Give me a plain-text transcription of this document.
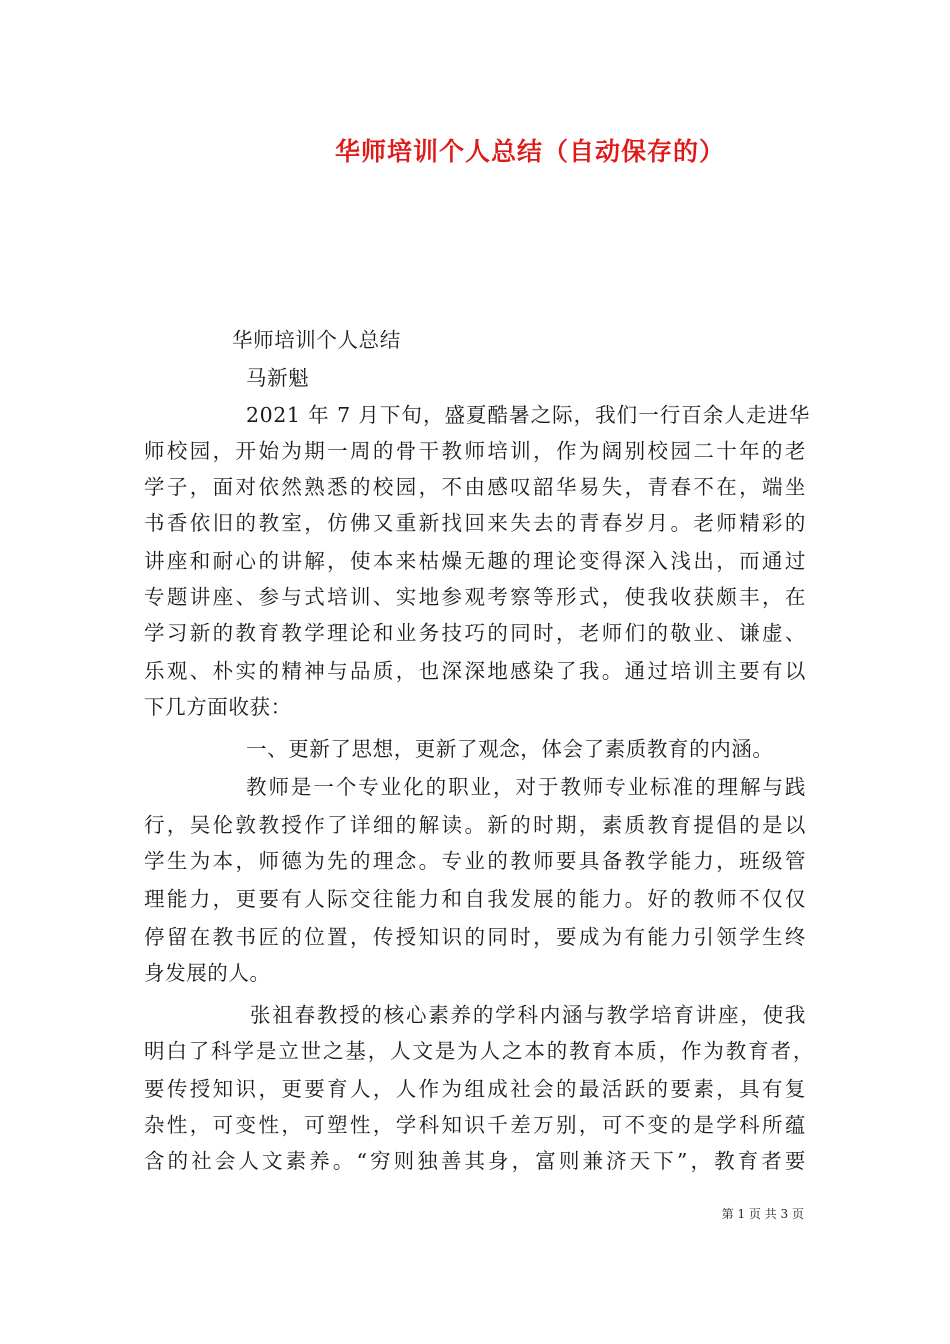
华师培训个人总结（自动保存的）
华师培训个人总结
马新魁
2021 年 7 月下旬，盛夏酷暑之际，我们一行百余人走进华
师校园，开始为期一周的骨干教师培训，作为阔别校园二十年的老
学子，面对依然熟悉的校园，不由感叹韶华易失，青春不在，端坐
书香依旧的教室，仿佛又重新找回来失去的青春岁月。老师精彩的
讲座和耐心的讲解，使本来枯燥无趣的理论变得深入浅出，而通过
专题讲座、参与式培训、实地参观考察等形式，使我收获颇丰，在
学习新的教育教学理论和业务技巧的同时，老师们的敬业、谦虚、
乐观、朴实的精神与品质，也深深地感染了我。通过培训主要有以
下几方面收获：
一、更新了思想，更新了观念，体会了素质教育的内涵。
教师是一个专业化的职业，对于教师专业标准的理解与践
行，吴伦敦教授作了详细的解读。新的时期，素质教育提倡的是以
学生为本，师德为先的理念。专业的教师要具备教学能力，班级管
理能力，更要有人际交往能力和自我发展的能力。好的教师不仅仅
停留在教书匠的位置，传授知识的同时，要成为有能力引领学生终
身发展的人。
张祖春教授的核心素养的学科内涵与教学培育讲座，使我
明白了科学是立世之基，人文是为人之本的教育本质，作为教育者，
要传授知识，更要育人，人作为组成社会的最活跃的要素，具有复
杂性，可变性，可塑性，学科知识千差万别，可不变的是学科所蕴
含的社会人文素养。“穷则独善其身，富则兼济天下”，教育者要
第 1 页 共 3 页
